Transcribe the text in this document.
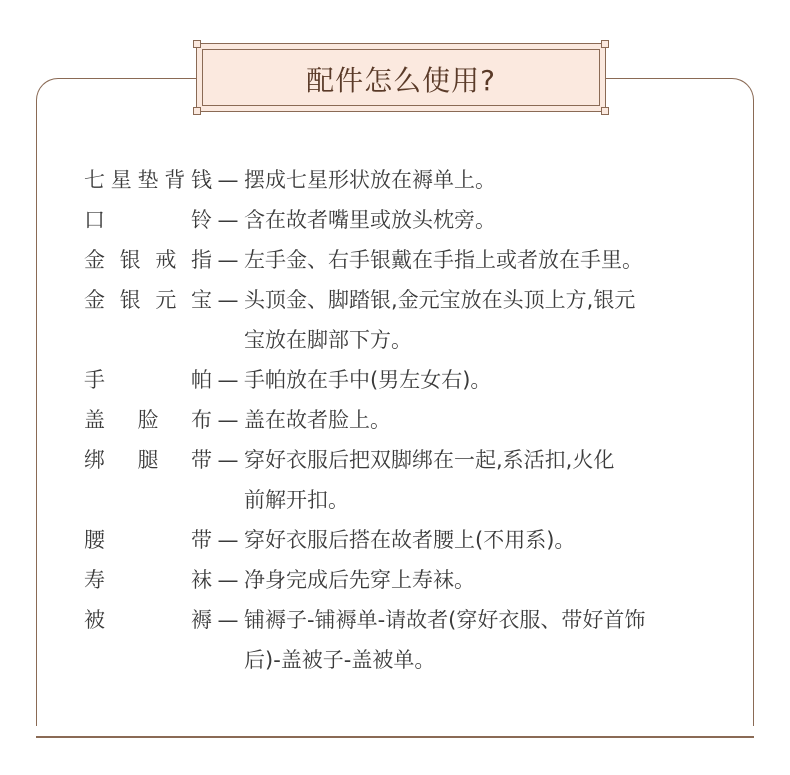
配件怎么使用?
七 星 垫 背 钱 — 摆成七星形状放在褥单上。
口	铃 — 含在故者嘴里或放头枕旁。
金 银 戒 指 — 左手金、右手银戴在手指上或者放在手里。
金 银 元 宝 — 头顶金、脚踏银,金元宝放在头顶上方,银元
宝放在脚部下方。
手	帕 — 手帕放在手中(男左女右)。
盖 脸 布 — 盖在故者脸上。
绑 腿 带 — 穿好衣服后把双脚绑在一起,系活扣,火化
前解开扣。
腰	带 — 穿好衣服后搭在故者腰上(不用系)。
寿	袜 — 净身完成后先穿上寿袜。
被	褥 — 铺褥子-铺褥单-请故者(穿好衣服、带好首饰
后)-盖被子-盖被单。
